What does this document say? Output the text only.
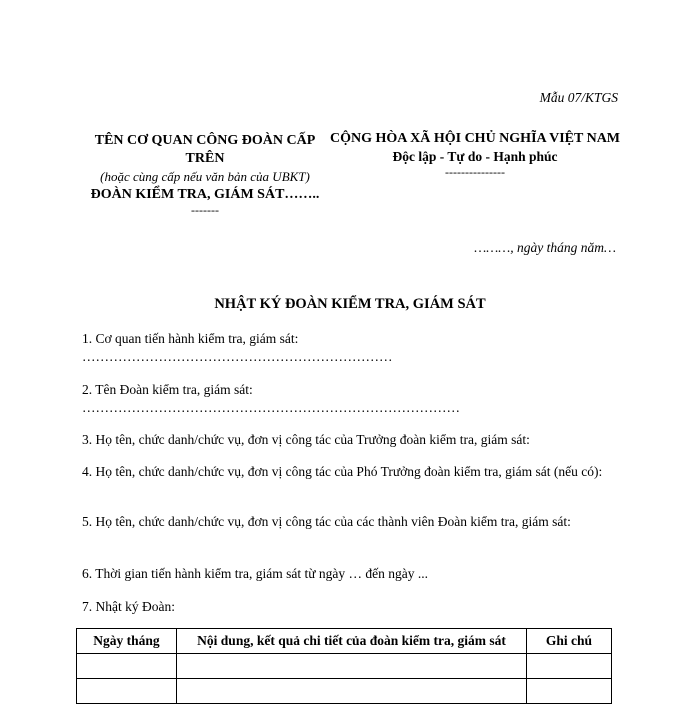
Mẫu 07/KTGS
TÊN CƠ QUAN CÔNG ĐOÀN CẤP TRÊN
(hoặc cùng cấp nếu văn bản của UBKT)
ĐOÀN KIỂM TRA, GIÁM SÁT……..
-------
CỘNG HÒA XÃ HỘI CHỦ NGHĨA VIỆT NAM
Độc lập - Tự do - Hạnh phúc
---------------
………, ngày tháng năm…
NHẬT KÝ ĐOÀN KIỂM TRA, GIÁM SÁT
1. Cơ quan tiến hành kiểm tra, giám sát:
……………………………………………………………
2. Tên Đoàn kiểm tra, giám sát:
…………………………………………………………………………
3. Họ tên, chức danh/chức vụ, đơn vị công tác của Trưởng đoàn kiểm tra, giám sát:
4. Họ tên, chức danh/chức vụ, đơn vị công tác của Phó Trưởng đoàn kiểm tra, giám sát (nếu có):
5. Họ tên, chức danh/chức vụ, đơn vị công tác của các thành viên Đoàn kiểm tra, giám sát:
6. Thời gian tiến hành kiểm tra, giám sát từ ngày … đến ngày ...
7. Nhật ký Đoàn:
Ngày tháng	Nội dung, kết quả chi tiết của đoàn kiểm tra, giám sát	Ghi chú
